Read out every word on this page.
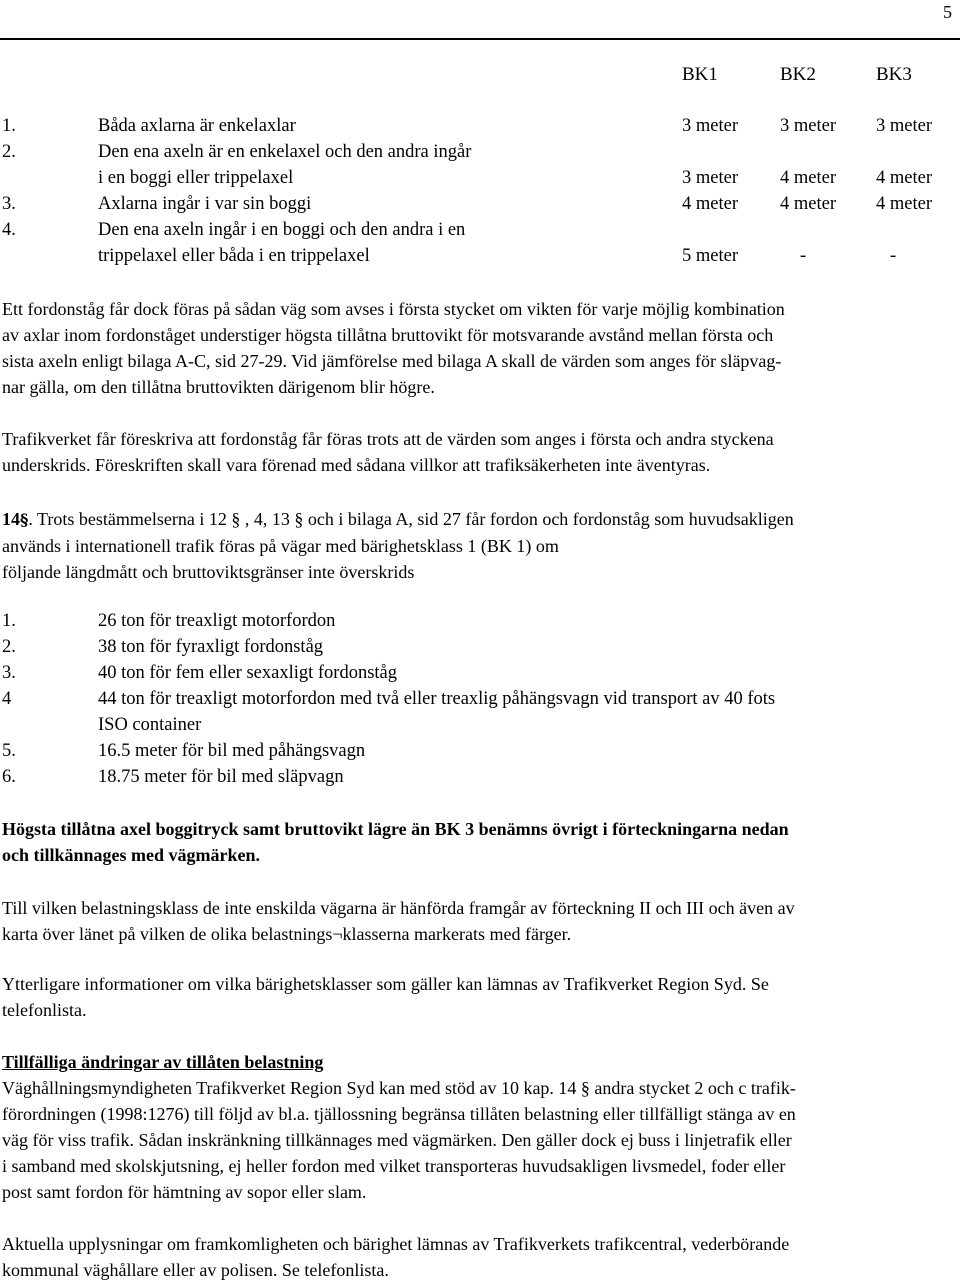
5
BK1	BK2	BK3
1.	Båda axlarna är enkelaxlar	3 meter 3 meter 3 meter
2.	Den ena axeln är en enkelaxel och den andra ingår
i en boggi eller trippelaxel	3 meter 4 meter 4 meter
3.	Axlarna ingår i var sin boggi	4 meter 4 meter 4 meter
4.	Den ena axeln ingår i en boggi och den andra i en
trippelaxel eller båda i en trippelaxel	5 meter	-	-
Ett fordonståg får dock föras på sådan väg som avses i första stycket om vikten för varje möjlig kombination
av axlar inom fordonståget understiger högsta tillåtna bruttovikt för motsvarande avstånd mellan första och
sista axeln enligt bilaga A-C, sid 27-29. Vid jämförelse med bilaga A skall de värden som anges för släpvag-
nar gälla, om den tillåtna bruttovikten därigenom blir högre.
Trafikverket får föreskriva att fordonståg får föras trots att de värden som anges i första och andra styckena
underskrids. Föreskriften skall vara förenad med sådana villkor att trafiksäkerheten inte äventyras.
14§. Trots bestämmelserna i 12 § , 4, 13 § och i bilaga A, sid 27 får fordon och fordonståg som huvudsakligen
används i internationell trafik föras på vägar med bärighetsklass 1 (BK 1) om
följande längdmått och bruttoviktsgränser inte överskrids
1.	26 ton för treaxligt motorfordon
2.	38 ton för fyraxligt fordonståg
3.	40 ton för fem eller sexaxligt fordonståg
4	44 ton för treaxligt motorfordon med två eller treaxlig påhängsvagn vid transport av 40 fots
ISO container
5.	16.5 meter för bil med påhängsvagn
6.	18.75 meter för bil med släpvagn
Högsta tillåtna axel boggitryck samt bruttovikt lägre än BK 3 benämns övrigt i förteckningarna nedan
och tillkännages med vägmärken.
Till vilken belastningsklass de inte enskilda vägarna är hänförda framgår av förteckning II och III och även av
karta över länet på vilken de olika belastnings¬klasserna markerats med färger.
Ytterligare informationer om vilka bärighetsklasser som gäller kan lämnas av Trafikverket Region Syd. Se
telefonlista.
Tillfälliga ändringar av tillåten belastning
Väghållningsmyndigheten Trafikverket Region Syd kan med stöd av 10 kap. 14 § andra stycket 2 och c trafik-
förordningen (1998:1276) till följd av bl.a. tjällossning begränsa tillåten belastning eller tillfälligt stänga av en
väg för viss trafik. Sådan inskränkning tillkännages med vägmärken. Den gäller dock ej buss i linjetrafik eller
i samband med skolskjutsning, ej heller fordon med vilket transporteras huvudsakligen livsmedel, foder eller
post samt fordon för hämtning av sopor eller slam.
Aktuella upplysningar om framkomligheten och bärighet lämnas av Trafikverkets trafikcentral, vederbörande
kommunal väghållare eller av polisen. Se telefonlista.
